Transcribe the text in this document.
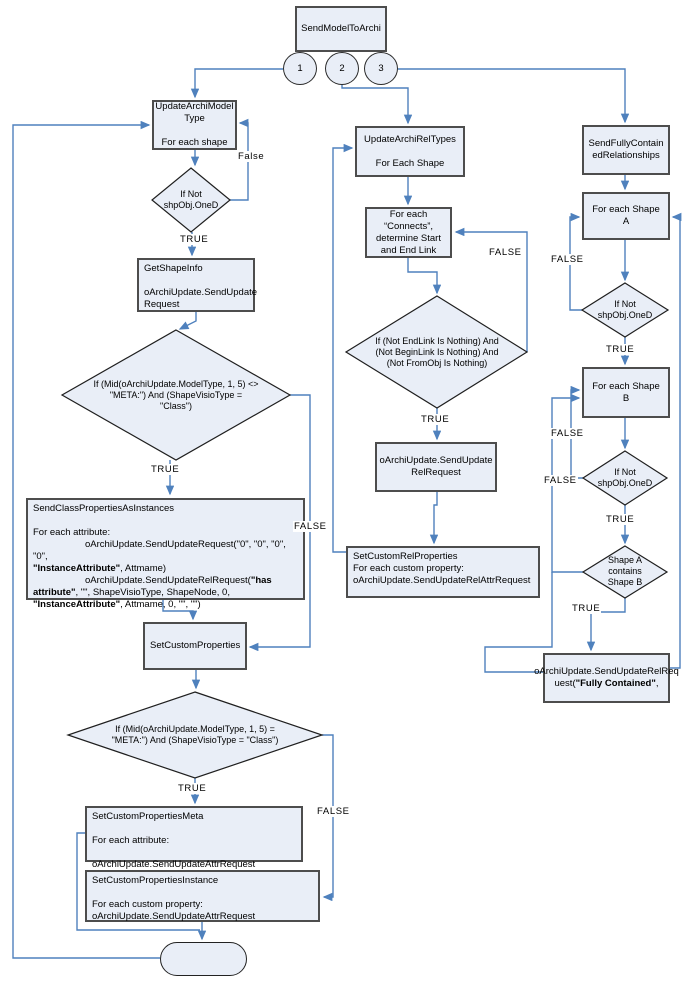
SendModelToArchi
1	2	3
UpdateArchiModel
Type

For each shape
GetShapeInfo

oArchiUpdate.SendUpdate
Request
SendClassPropertiesAsInstances

For each attribute:
oArchiUpdate.SendUpdateRequest("0", "0", "0", "0",
"InstanceAttribute", Attmame)
oArchiUpdate.SendUpdateRelRequest("has
attribute", "", ShapeVisioType, ShapeNode, 0,
"InstanceAttribute", Attmame, 0, "", "")
SetCustomProperties
SetCustomPropertiesMeta

For each attribute:
oArchiUpdate.SendUpdateAttrRequest
SetCustomPropertiesInstance

For each custom property:
oArchiUpdate.SendUpdateAttrRequest
UpdateArchiRelTypes

For Each Shape
For each
“Connects”,
determine Start
and End Link
oArchiUpdate.SendUpdate
RelRequest
SetCustomRelProperties
For each custom property:
oArchiUpdate.SendUpdateRelAttrRequest
SendFullyContain
edRelationships
For each Shape A
For each Shape B
oArchiUpdate.SendUpdateRelReq
uest("Fully Contained",
If Not
shpObj.OneD
If (Mid(oArchiUpdate.ModelType, 1, 5) <>
"META:") And (ShapeVisioType =
"Class")
If (Mid(oArchiUpdate.ModelType, 1, 5) =
"META:") And (ShapeVisioType = "Class")
If (Not EndLink Is Nothing) And
(Not BeginLink Is Nothing) And
(Not FromObj Is Nothing)
If Not
shpObj.OneD
If Not
shpObj.OneD
Shape A
contains
Shape B
False
TRUE
TRUE
FALSE
TRUE
FALSE
FALSE
TRUE
FALSE
TRUE
FALSE
FALSE
TRUE
TRUE
